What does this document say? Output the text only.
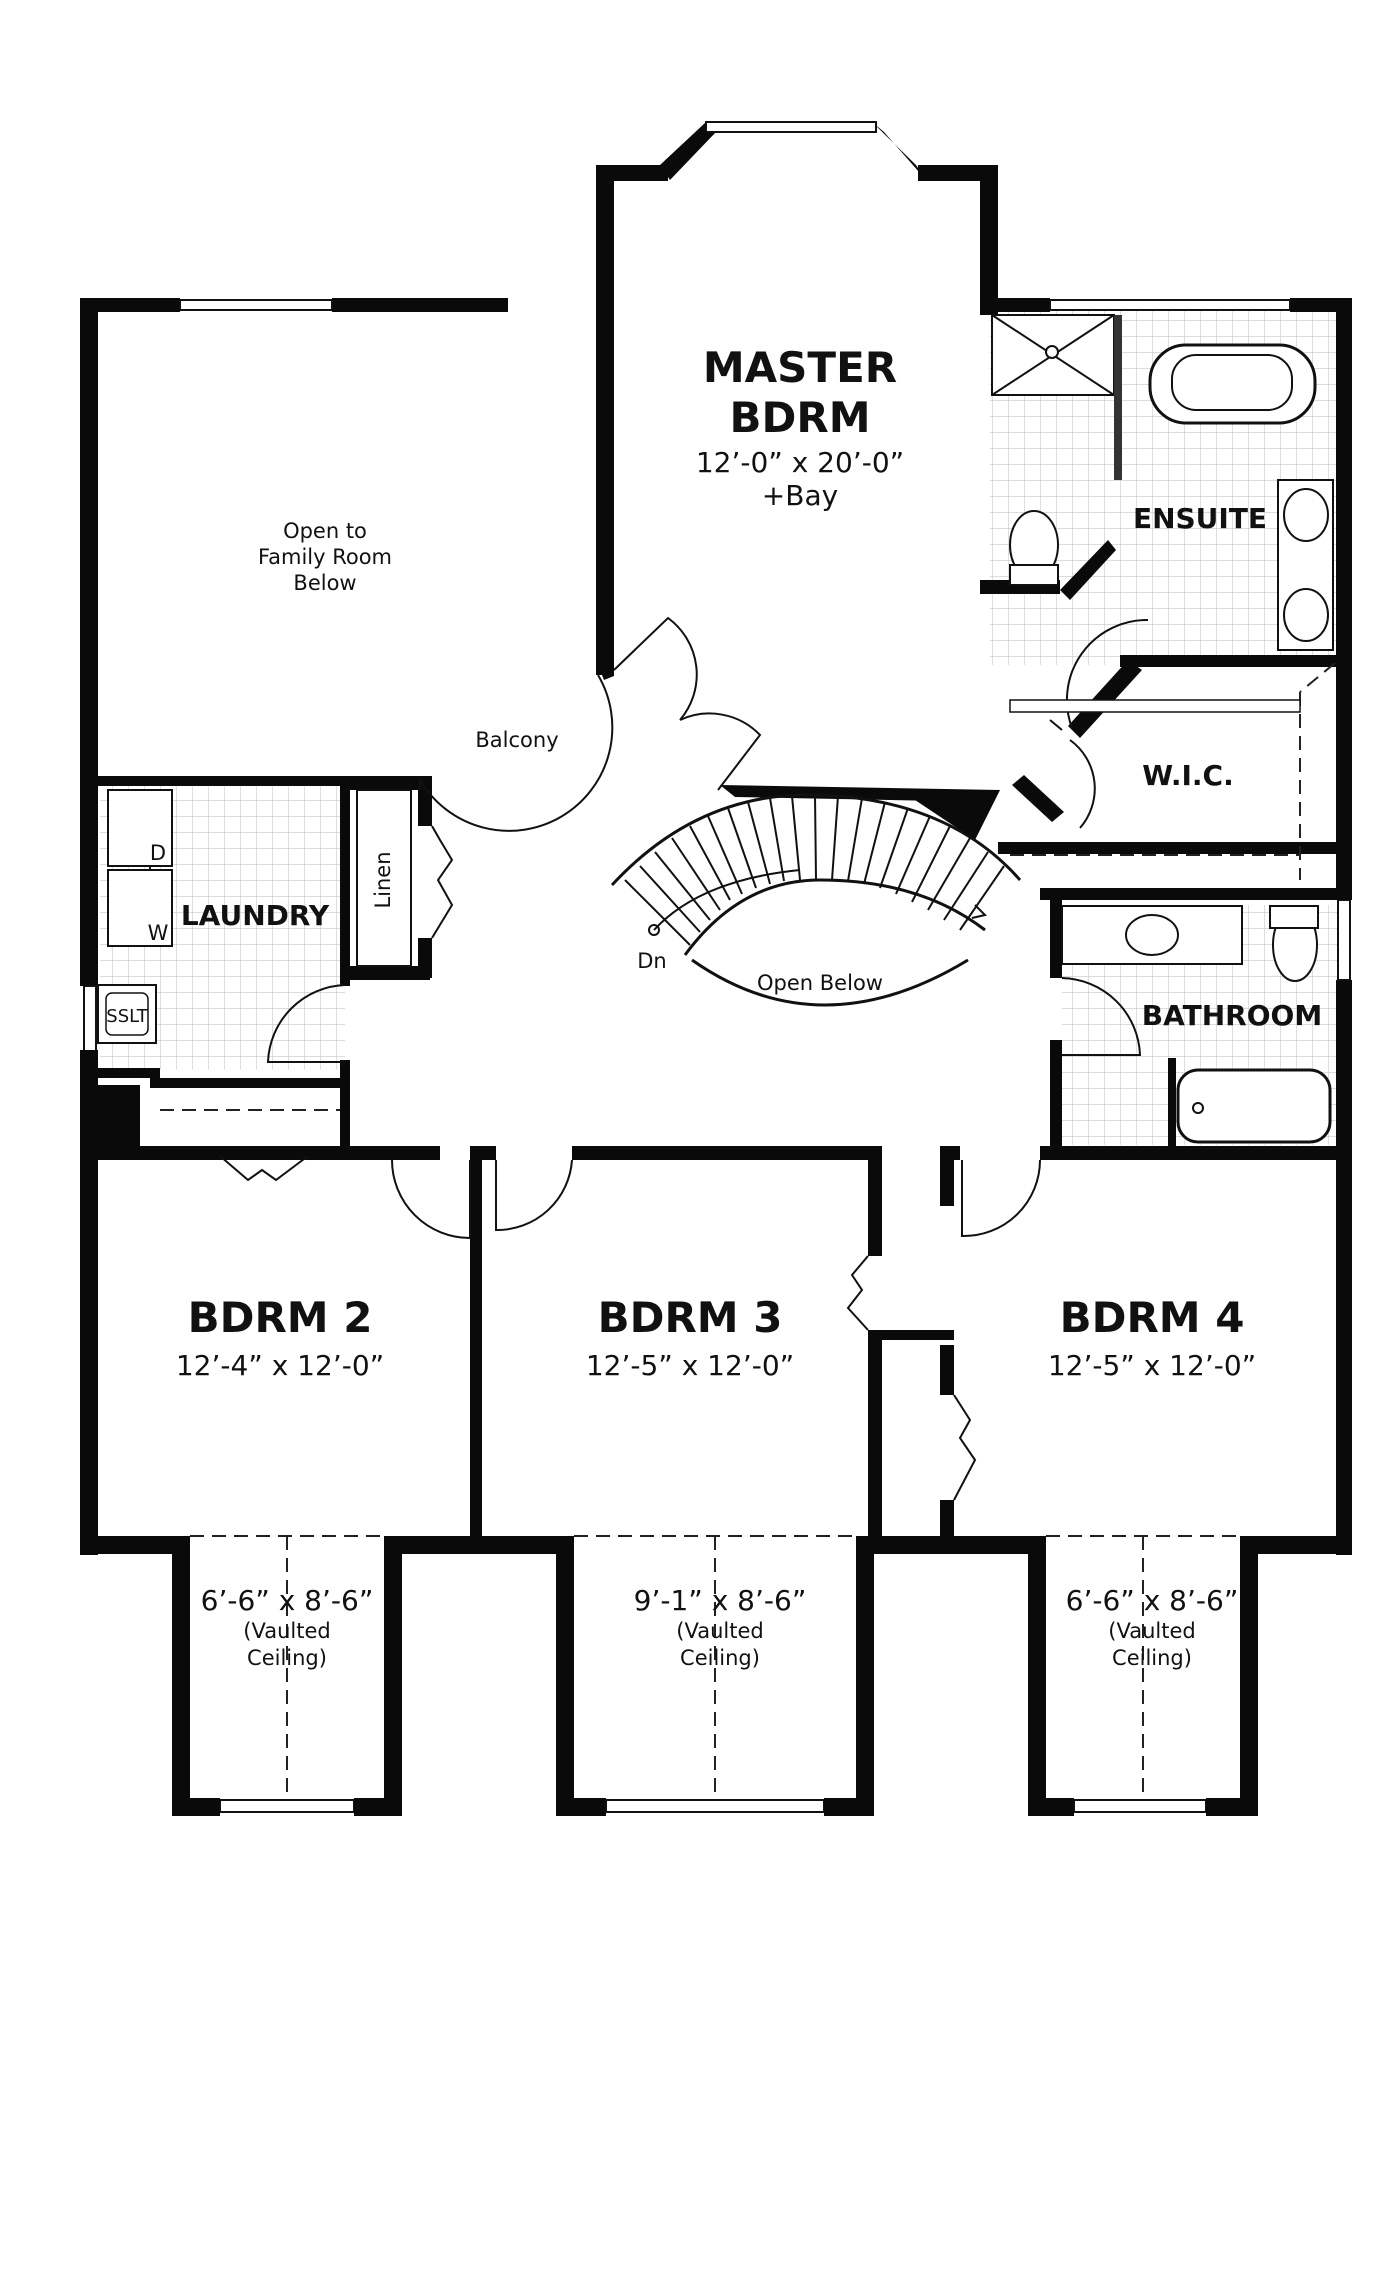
MASTER
BDRM
12’-0” x 20’-0”
+Bay
ENSUITE
Open to
Family Room
Below
Balcony
W.I.C.
LAUNDRY
D
W
SSLT
Linen
Dn
Open Below
BATHROOM
BDRM 2
12’-4” x 12’-0”
6’-6” x 8’-6”
(Vaulted
Ceiling)
BDRM 3
12’-5” x 12’-0”
9’-1” x 8’-6”
(Vaulted
Ceiling)
BDRM 4
12’-5” x 12’-0”
6’-6” x 8’-6”
(Vaulted
Ceiling)
